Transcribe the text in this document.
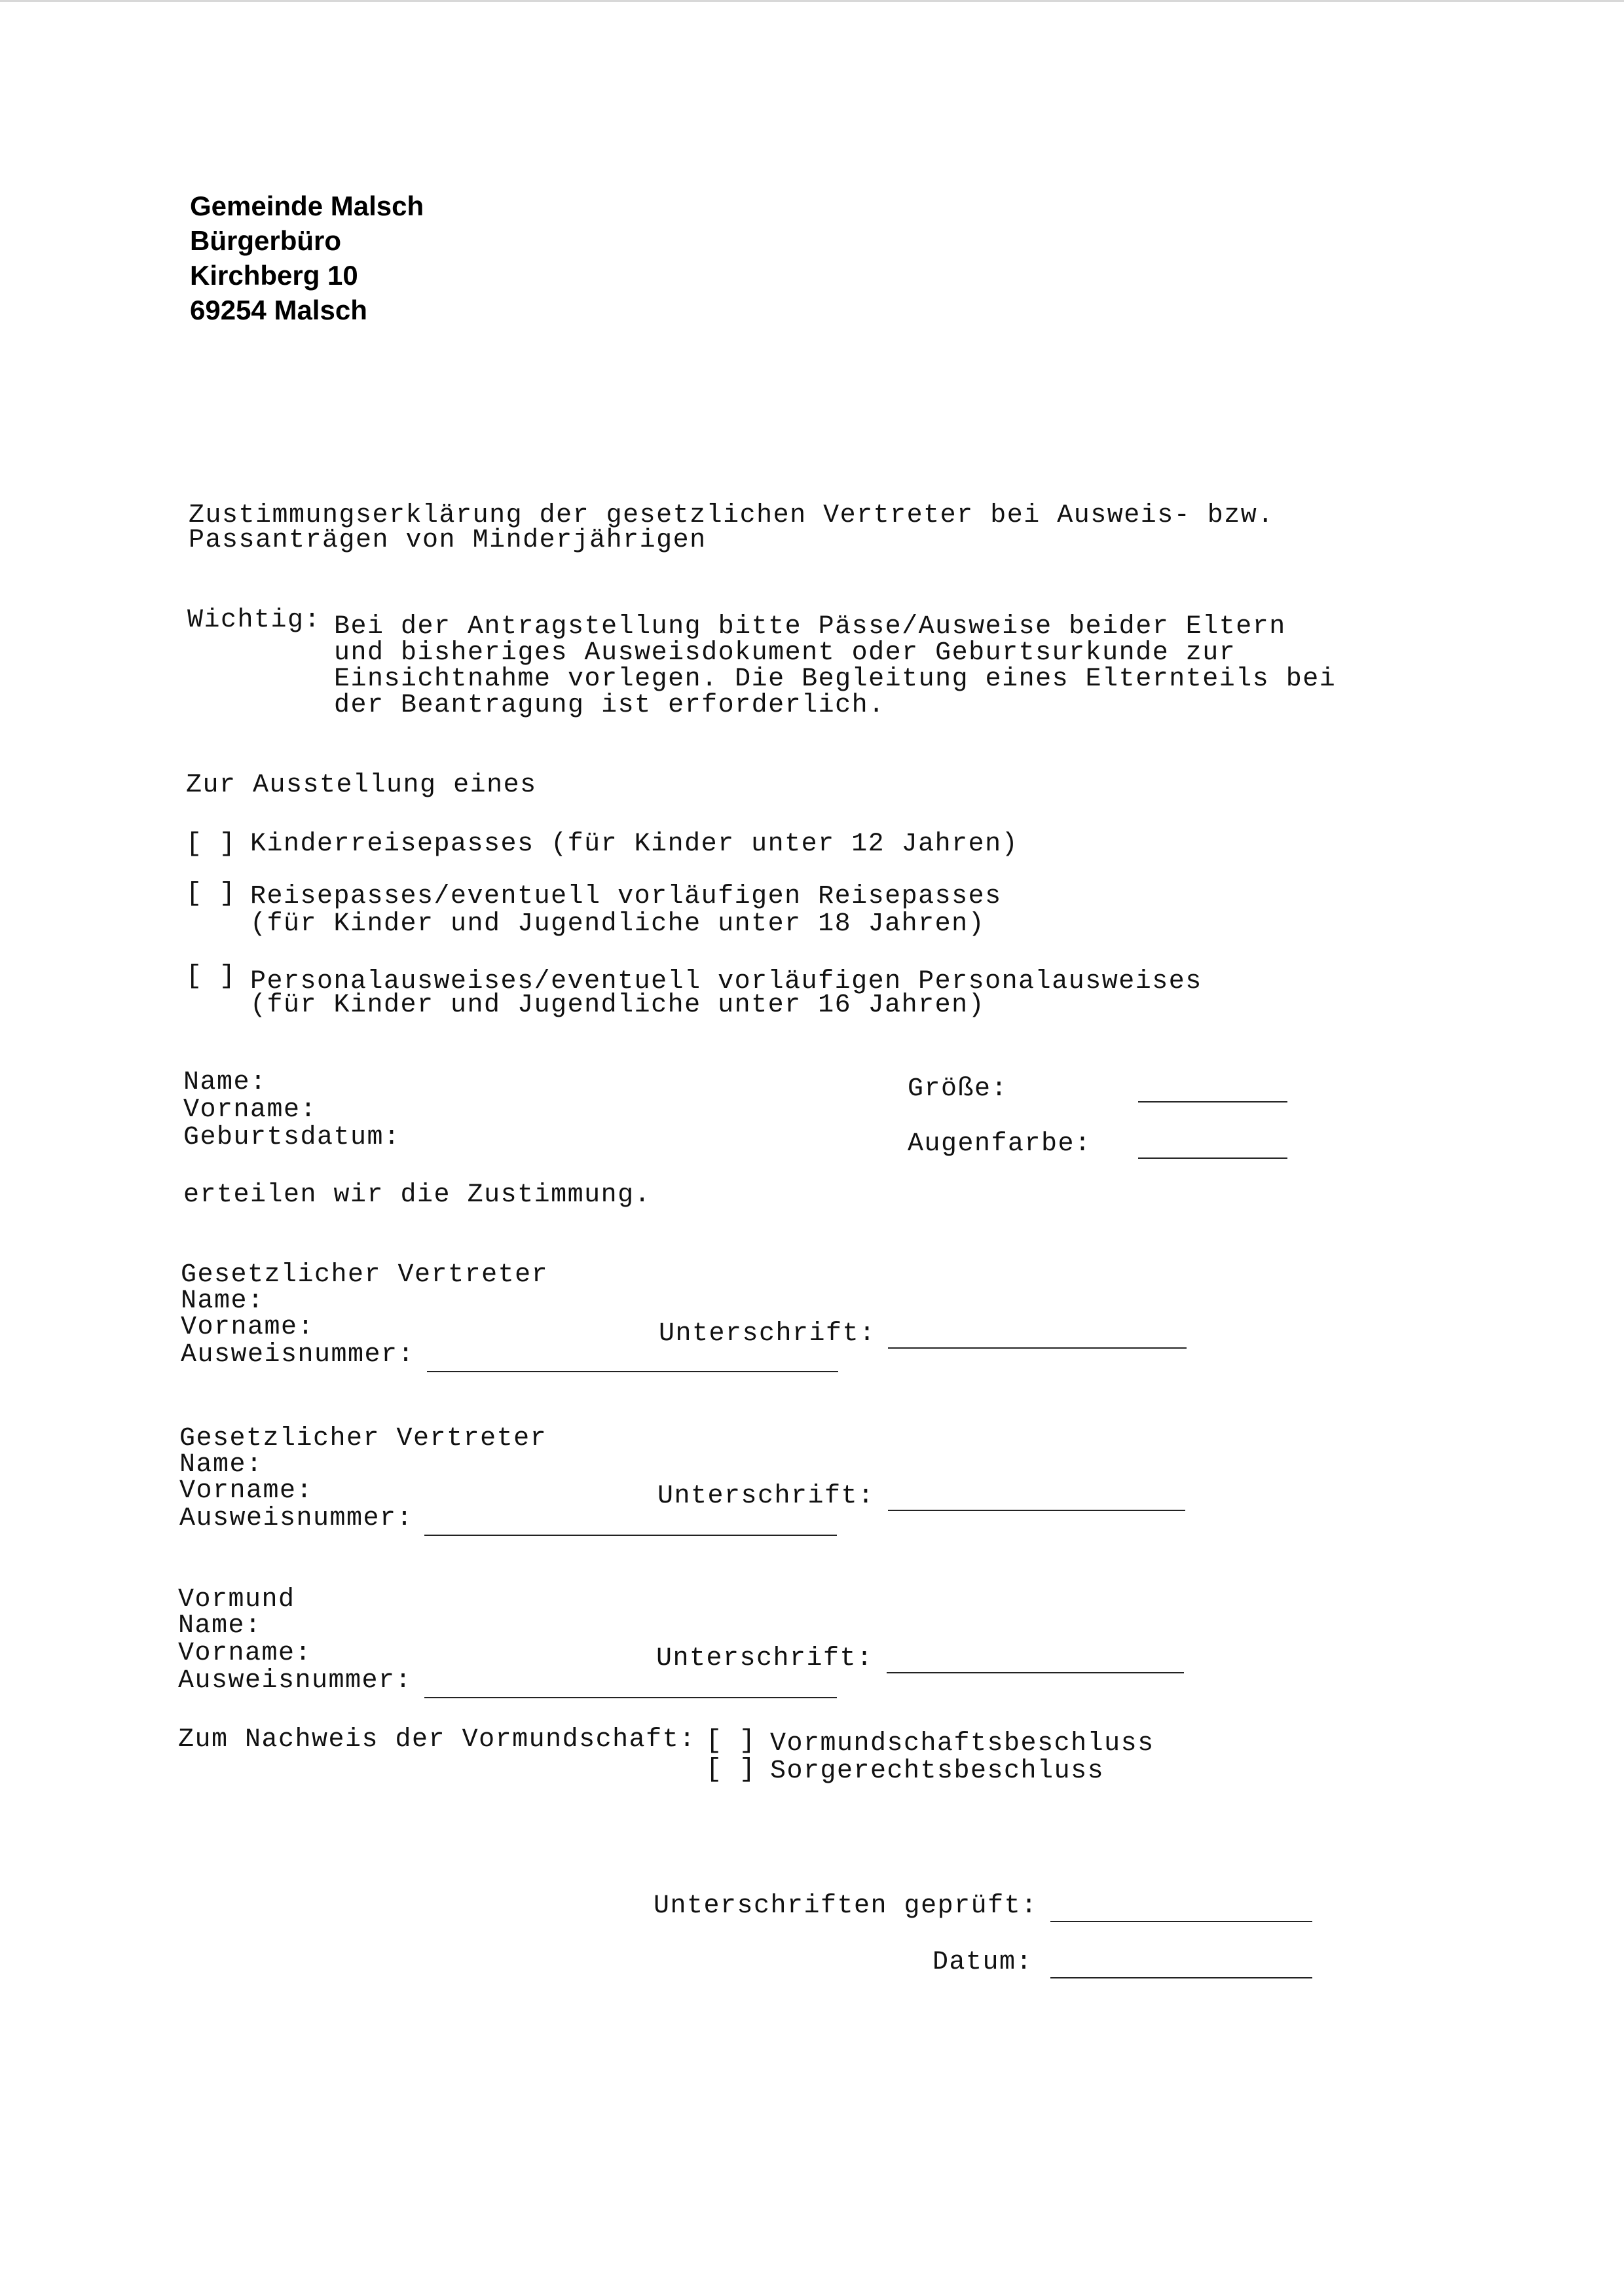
Gemeinde Malsch
Bürgerbüro
Kirchberg 10
69254 Malsch
Zustimmungserklärung der gesetzlichen Vertreter bei Ausweis- bzw.
Passanträgen von Minderjährigen
Wichtig: Bei der Antragstellung bitte Pässe/Ausweise beider Eltern
und bisheriges Ausweisdokument oder Geburtsurkunde zur
Einsichtnahme vorlegen. Die Begleitung eines Elternteils bei
der Beantragung ist erforderlich.
Zur Ausstellung eines
[ ] Kinderreisepasses (für Kinder unter 12 Jahren)
[ ] Reisepasses/eventuell vorläufigen Reisepasses
(für Kinder und Jugendliche unter 18 Jahren)
[ ] Personalausweises/eventuell vorläufigen Personalausweises
(für Kinder und Jugendliche unter 16 Jahren)
Name:
Vorname:
Geburtsdatum:
Größe:
Augenfarbe:
erteilen wir die Zustimmung.
Gesetzlicher Vertreter
Name:
Vorname:
Ausweisnummer:
Unterschrift:
Gesetzlicher Vertreter
Name:
Vorname:
Ausweisnummer:
Unterschrift:
Vormund
Name:
Vorname:
Ausweisnummer:
Unterschrift:
Zum Nachweis der Vormundschaft: [ ] Vormundschaftsbeschluss
[ ] Sorgerechtsbeschluss
Unterschriften geprüft:
Datum:
